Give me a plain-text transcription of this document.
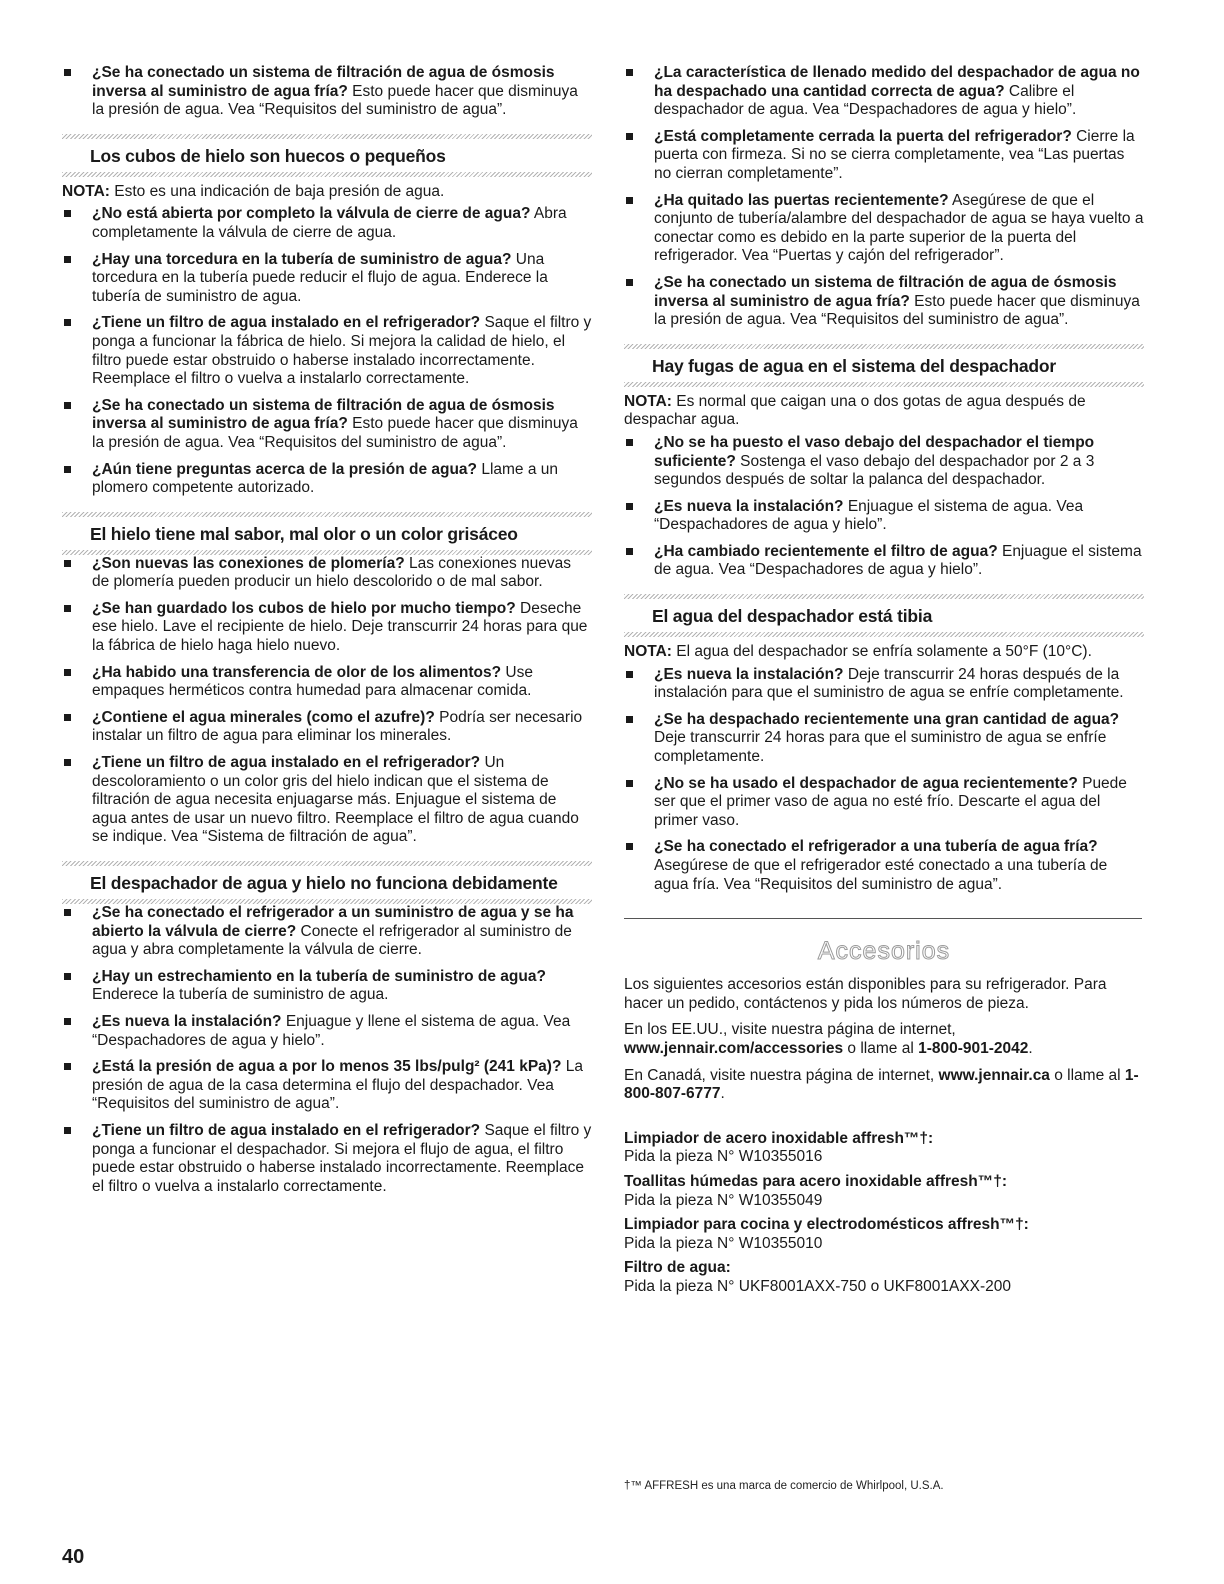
¿Se ha conectado un sistema de filtración de agua de ósmosis inversa al suministro de agua fría? Esto puede hacer que disminuya la presión de agua. Vea “Requisitos del suministro de agua”.
Los cubos de hielo son huecos o pequeños
NOTA: Esto es una indicación de baja presión de agua.
¿No está abierta por completo la válvula de cierre de agua? Abra completamente la válvula de cierre de agua.
¿Hay una torcedura en la tubería de suministro de agua? Una torcedura en la tubería puede reducir el flujo de agua. Enderece la tubería de suministro de agua.
¿Tiene un filtro de agua instalado en el refrigerador? Saque el filtro y ponga a funcionar la fábrica de hielo. Si mejora la calidad de hielo, el filtro puede estar obstruido o haberse instalado incorrectamente. Reemplace el filtro o vuelva a instalarlo correctamente.
¿Se ha conectado un sistema de filtración de agua de ósmosis inversa al suministro de agua fría? Esto puede hacer que disminuya la presión de agua. Vea “Requisitos del suministro de agua”.
¿Aún tiene preguntas acerca de la presión de agua? Llame a un plomero competente autorizado.
El hielo tiene mal sabor, mal olor o un color grisáceo
¿Son nuevas las conexiones de plomería? Las conexiones nuevas de plomería pueden producir un hielo descolorido o de mal sabor.
¿Se han guardado los cubos de hielo por mucho tiempo? Deseche ese hielo. Lave el recipiente de hielo. Deje transcurrir 24 horas para que la fábrica de hielo haga hielo nuevo.
¿Ha habido una transferencia de olor de los alimentos? Use empaques herméticos contra humedad para almacenar comida.
¿Contiene el agua minerales (como el azufre)? Podría ser necesario instalar un filtro de agua para eliminar los minerales.
¿Tiene un filtro de agua instalado en el refrigerador? Un descoloramiento o un color gris del hielo indican que el sistema de filtración de agua necesita enjuagarse más. Enjuague el sistema de agua antes de usar un nuevo filtro. Reemplace el filtro de agua cuando se indique. Vea “Sistema de filtración de agua”.
El despachador de agua y hielo no funciona debidamente
¿Se ha conectado el refrigerador a un suministro de agua y se ha abierto la válvula de cierre? Conecte el refrigerador al suministro de agua y abra completamente la válvula de cierre.
¿Hay un estrechamiento en la tubería de suministro de agua? Enderece la tubería de suministro de agua.
¿Es nueva la instalación? Enjuague y llene el sistema de agua. Vea “Despachadores de agua y hielo”.
¿Está la presión de agua a por lo menos 35 lbs/pulg² (241 kPa)? La presión de agua de la casa determina el flujo del despachador. Vea “Requisitos del suministro de agua”.
¿Tiene un filtro de agua instalado en el refrigerador? Saque el filtro y ponga a funcionar el despachador. Si mejora el flujo de agua, el filtro puede estar obstruido o haberse instalado incorrectamente. Reemplace el filtro o vuelva a instalarlo correctamente.
¿La característica de llenado medido del despachador de agua no ha despachado una cantidad correcta de agua? Calibre el despachador de agua. Vea “Despachadores de agua y hielo”.
¿Está completamente cerrada la puerta del refrigerador? Cierre la puerta con firmeza. Si no se cierra completamente, vea “Las puertas no cierran completamente”.
¿Ha quitado las puertas recientemente? Asegúrese de que el conjunto de tubería/alambre del despachador de agua se haya vuelto a conectar como es debido en la parte superior de la puerta del refrigerador. Vea “Puertas y cajón del refrigerador”.
¿Se ha conectado un sistema de filtración de agua de ósmosis inversa al suministro de agua fría? Esto puede hacer que disminuya la presión de agua. Vea “Requisitos del suministro de agua”.
Hay fugas de agua en el sistema del despachador
NOTA: Es normal que caigan una o dos gotas de agua después de despachar agua.
¿No se ha puesto el vaso debajo del despachador el tiempo suficiente? Sostenga el vaso debajo del despachador por 2 a 3 segundos después de soltar la palanca del despachador.
¿Es nueva la instalación? Enjuague el sistema de agua. Vea “Despachadores de agua y hielo”.
¿Ha cambiado recientemente el filtro de agua? Enjuague el sistema de agua. Vea “Despachadores de agua y hielo”.
El agua del despachador está tibia
NOTA: El agua del despachador se enfría solamente a 50°F (10°C).
¿Es nueva la instalación? Deje transcurrir 24 horas después de la instalación para que el suministro de agua se enfríe completamente.
¿Se ha despachado recientemente una gran cantidad de agua? Deje transcurrir 24 horas para que el suministro de agua se enfríe completamente.
¿No se ha usado el despachador de agua recientemente? Puede ser que el primer vaso de agua no esté frío. Descarte el agua del primer vaso.
¿Se ha conectado el refrigerador a una tubería de agua fría? Asegúrese de que el refrigerador esté conectado a una tubería de agua fría. Vea “Requisitos del suministro de agua”.
Accesorios

Los siguientes accesorios están disponibles para su refrigerador. Para hacer un pedido, contáctenos y pida los números de pieza.

En los EE.UU., visite nuestra página de internet, www.jennair.com/accessories o llame al 1-800-901-2042.

En Canadá, visite nuestra página de internet, www.jennair.ca o llame al 1-800-807-6777.

Limpiador de acero inoxidable affresh™†:
Pida la pieza N° W10355016
Toallitas húmedas para acero inoxidable affresh™†:
Pida la pieza N° W10355049
Limpiador para cocina y electrodomésticos affresh™†:
Pida la pieza N° W10355010
Filtro de agua:
Pida la pieza N° UKF8001AXX-750 o UKF8001AXX-200
†™ AFFRESH es una marca de comercio de Whirlpool, U.S.A.
40
